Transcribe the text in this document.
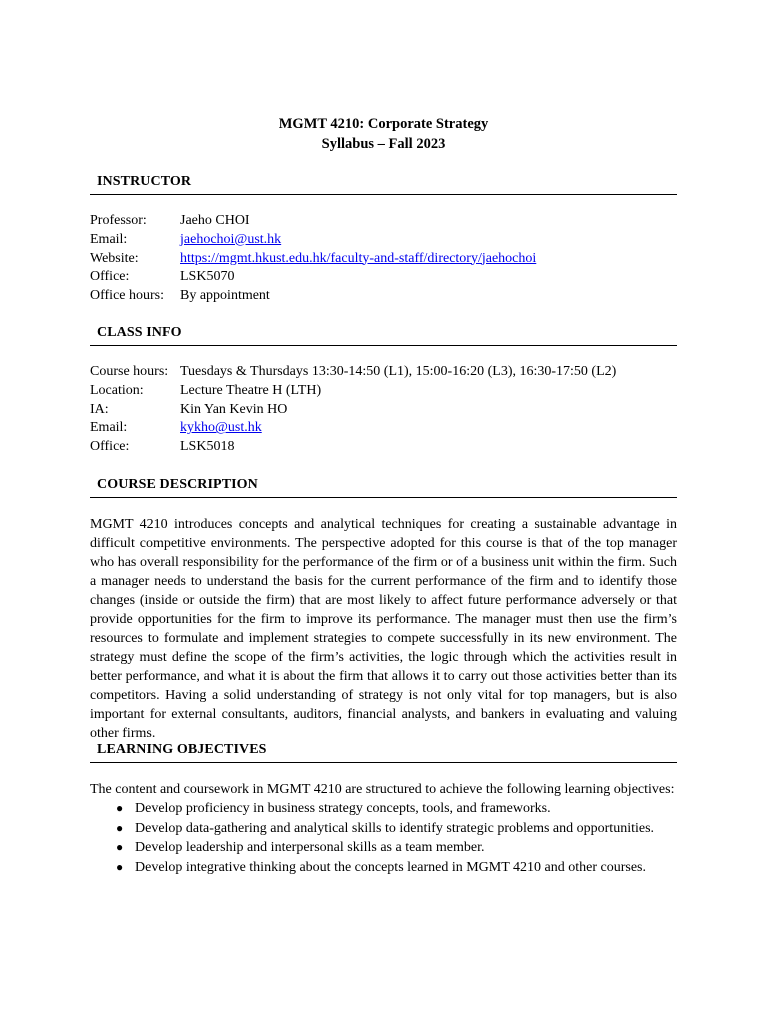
MGMT 4210: Corporate Strategy
Syllabus – Fall 2023
INSTRUCTOR
Professor: Jaeho CHOI
Email:	jaehochoi@ust.hk
Website:	https://mgmt.hkust.edu.hk/faculty-and-staff/directory/jaehochoi
Office:	LSK5070
Office hours: By appointment
CLASS INFO
Course hours: Tuesdays & Thursdays 13:30-14:50 (L1), 15:00-16:20 (L3), 16:30-17:50 (L2)
Location:	Lecture Theatre H (LTH)
IA:	Kin Yan Kevin HO
Email:	kykho@ust.hk
Office:	LSK5018
COURSE DESCRIPTION
MGMT 4210 introduces concepts and analytical techniques for creating a sustainable advantage in difficult competitive environments. The perspective adopted for this course is that of the top manager who has overall responsibility for the performance of the firm or of a business unit within the firm. Such a manager needs to understand the basis for the current performance of the firm and to identify those changes (inside or outside the firm) that are most likely to affect future performance adversely or that provide opportunities for the firm to improve its performance. The manager must then use the firm’s resources to formulate and implement strategies to compete successfully in its new environment. The strategy must define the scope of the firm’s activities, the logic through which the activities result in better performance, and what it is about the firm that allows it to carry out those activities better than its competitors. Having a solid understanding of strategy is not only vital for top managers, but is also important for external consultants, auditors, financial analysts, and bankers in evaluating and valuing other firms.
LEARNING OBJECTIVES
The content and coursework in MGMT 4210 are structured to achieve the following learning objectives:
● Develop proficiency in business strategy concepts, tools, and frameworks.
● Develop data-gathering and analytical skills to identify strategic problems and opportunities.
● Develop leadership and interpersonal skills as a team member.
● Develop integrative thinking about the concepts learned in MGMT 4210 and other courses.
